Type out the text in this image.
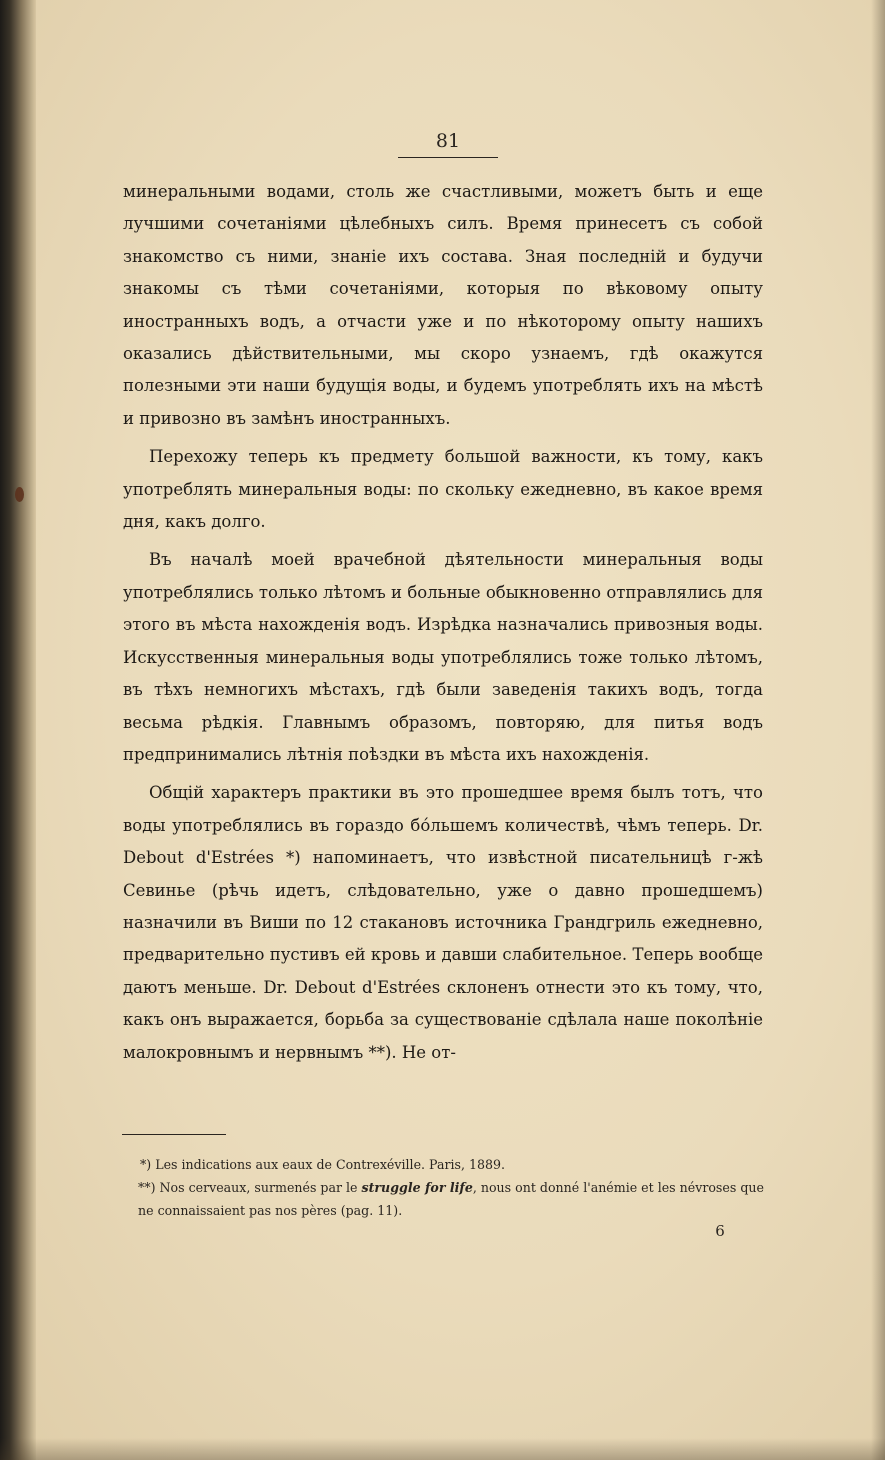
81

минеральными водами, столь же счастливыми, можетъ быть и еще лучшими сочетаніями цѣлебныхъ силъ. Время принесетъ съ собой знакомство съ ними, знаніе ихъ состава. Зная последній и будучи знакомы съ тѣми сочетаніями, которыя по вѣковому опыту иностранныхъ водъ, а отчасти уже и по нѣкоторому опыту нашихъ оказались дѣйствительными, мы скоро узнаемъ, гдѣ окажутся полезными эти наши будущія воды, и будемъ употреблять ихъ на мѣстѣ и привозно въ замѣнъ иностранныхъ.

Перехожу теперь къ предмету большой важности, къ тому, какъ употреблять минеральныя воды: по скольку ежедневно, въ какое время дня, какъ долго.

Въ началѣ моей врачебной дѣятельности минеральныя воды употреблялись только лѣтомъ и больные обыкновенно отправлялись для этого въ мѣста нахожденія водъ. Изрѣдка назначались привозныя воды. Искусственныя минеральныя воды употреблялись тоже только лѣтомъ, въ тѣхъ немногихъ мѣстахъ, гдѣ были заведенія такихъ водъ, тогда весьма рѣдкія. Главнымъ образомъ, повторяю, для питья водъ предпринимались лѣтнія поѣздки въ мѣста ихъ нахожденія.

Общій характеръ практики въ это прошедшее время былъ тотъ, что воды употреблялись въ гораздо бо́льшемъ количествѣ, чѣмъ теперь. Dr. Debout d'Estrées *) напоминаетъ, что извѣстной писательницѣ г-жѣ Севинье (рѣчь идетъ, слѣдовательно, уже о давно прошедшемъ) назначили въ Виши по 12 стакановъ источника Грандгриль ежедневно, предварительно пустивъ ей кровь и давши слабительное. Теперь вообще даютъ меньше. Dr. Debout d'Estrées склоненъ отнести это къ тому, что, какъ онъ выражается, борьба за существованіе сдѣлала наше поколѣніе малокровнымъ и нервнымъ **). Не от-

*) Les indications aux eaux de Contrexéville. Paris, 1889.

**) Nos cerveaux, surmenés par le struggle for life, nous ont donné l'anémie et les névroses que ne connaissaient pas nos pères (pag. 11).

6
